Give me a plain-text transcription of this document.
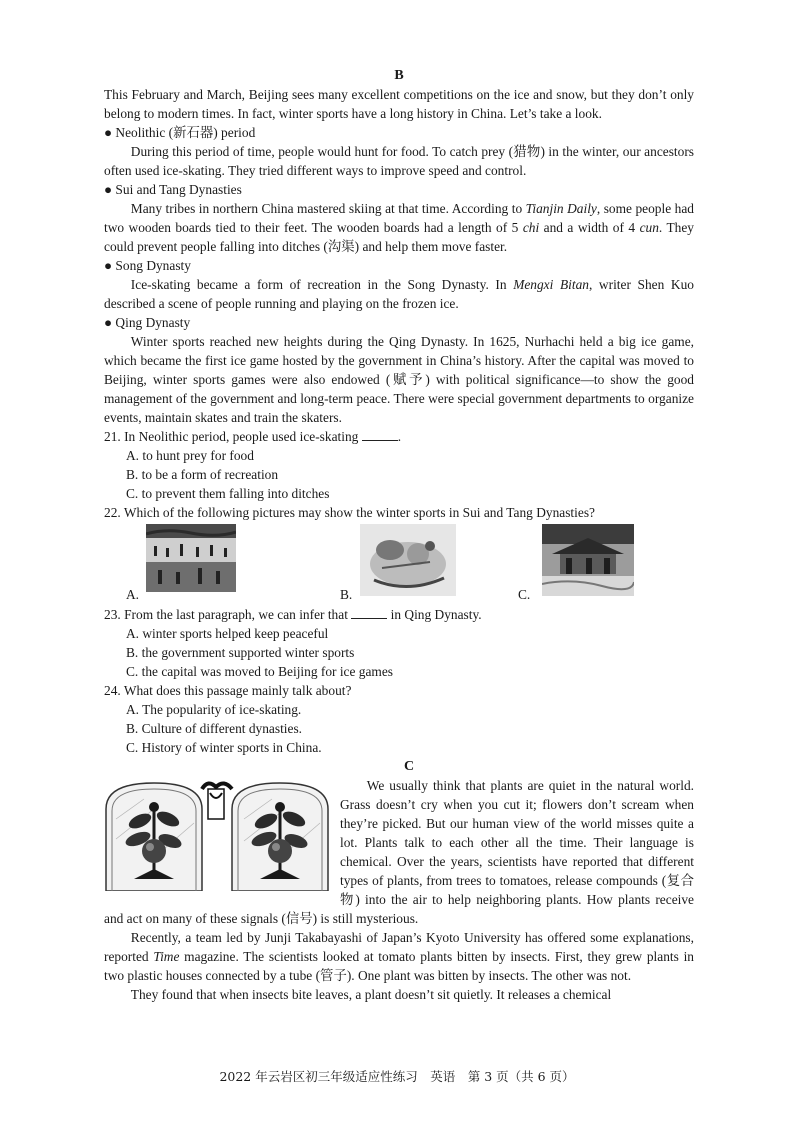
B

This February and March, Beijing sees many excellent competitions on the ice and snow, but they don’t only belong to modern times. In fact, winter sports have a long history in China. Let’s take a look.

● Neolithic (新石器) period

During this period of time, people would hunt for food. To catch prey (猎物) in the winter, our ancestors often used ice-skating. They tried different ways to improve speed and control.

● Sui and Tang Dynasties

Many tribes in northern China mastered skiing at that time. According to Tianjin Daily, some people had two wooden boards tied to their feet. The wooden boards had a length of 5 chi and a width of 4 cun. They could prevent people falling into ditches (沟渠) and help them move faster.

● Song Dynasty

Ice-skating became a form of recreation in the Song Dynasty. In Mengxi Bitan, writer Shen Kuo described a scene of people running and playing on the frozen ice.

● Qing Dynasty

Winter sports reached new heights during the Qing Dynasty. In 1625, Nurhachi held a big ice game, which became the first ice game hosted by the government in China’s history. After the capital was moved to Beijing, winter sports games were also endowed (赋予) with political significance—to show the good management of the government and long-term peace. There were special government departments to organize events, maintain skates and train the skaters.

21. In Neolithic period, people used ice-skating	.
A. to hunt prey for food
B. to be a form of recreation
C. to prevent them falling into ditches
22. Which of the following pictures may show the winter sports in Sui and Tang Dynasties?
A.	B.	C.
23. From the last paragraph, we can infer that	in Qing Dynasty.
A. winter sports helped keep peaceful
B. the government supported winter sports
C. the capital was moved to Beijing for ice games
24. What does this passage mainly talk about?
A. The popularity of ice-skating.
B. Culture of different dynasties.
C. History of winter sports in China.
C

We usually think that plants are quiet in the natural world. Grass doesn’t cry when you cut it; flowers don’t scream when they’re picked. But our human view of the world misses quite a lot. Plants talk to each other all the time. Their language is chemical. Over the years, scientists have reported that different types of plants, from trees to tomatoes, release compounds (复合物) into the air to help neighboring plants. How plants receive and act on many of these signals (信号) is still mysterious.

Recently, a team led by Junji Takabayashi of Japan’s Kyoto University has offered some explanations, reported Time magazine. The scientists looked at tomato plants bitten by insects. First, they grew plants in two plastic houses connected by a tube (管子). One plant was bitten by insects. The other was not.

They found that when insects bite leaves, a plant doesn’t sit quietly. It releases a chemical

2022 年云岩区初三年级适应性练习　英语　第 3 页（共 6 页）
